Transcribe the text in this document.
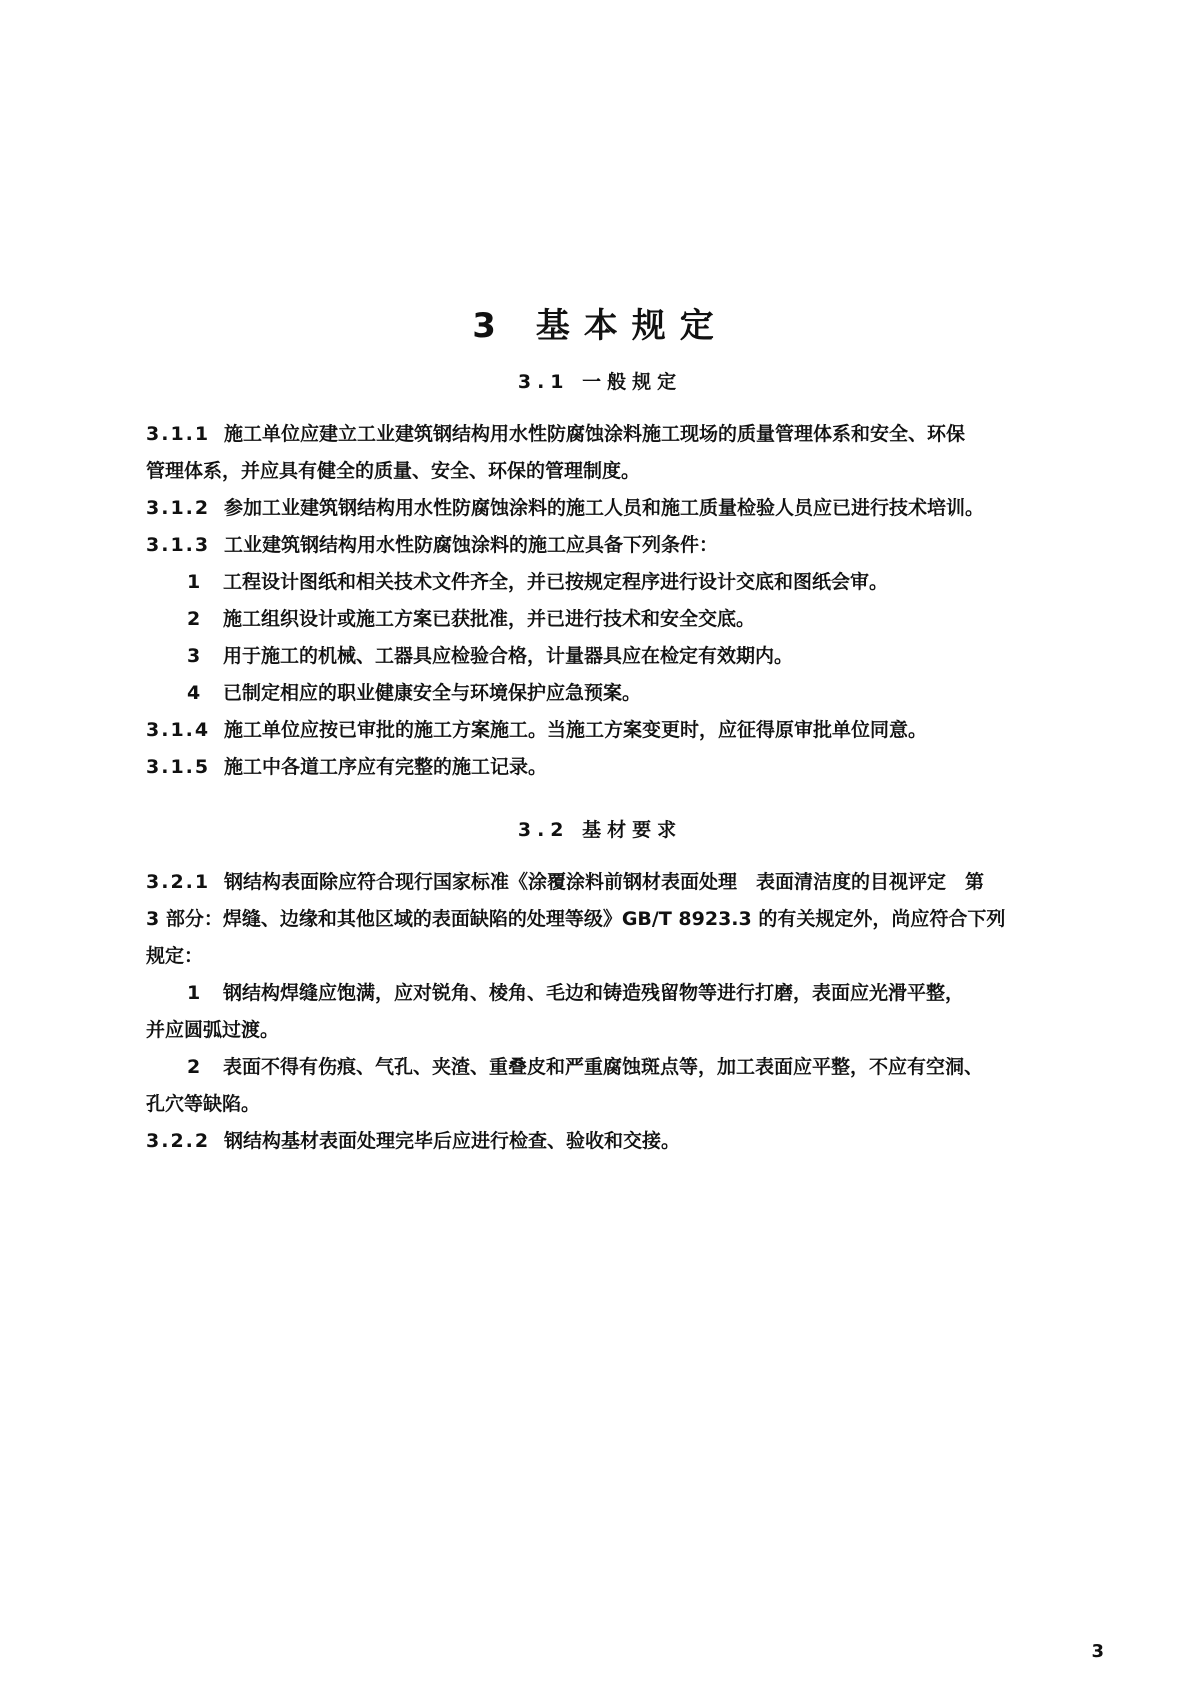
3 基本规定
3.1 一般规定
3.1.1 施工单位应建立工业建筑钢结构用水性防腐蚀涂料施工现场的质量管理体系和安全、环保
管理体系，并应具有健全的质量、安全、环保的管理制度。
3.1.2 参加工业建筑钢结构用水性防腐蚀涂料的施工人员和施工质量检验人员应已进行技术培训。
3.1.3 工业建筑钢结构用水性防腐蚀涂料的施工应具备下列条件：
1 工程设计图纸和相关技术文件齐全，并已按规定程序进行设计交底和图纸会审。
2 施工组织设计或施工方案已获批准，并已进行技术和安全交底。
3 用于施工的机械、工器具应检验合格，计量器具应在检定有效期内。
4 已制定相应的职业健康安全与环境保护应急预案。
3.1.4 施工单位应按已审批的施工方案施工。当施工方案变更时，应征得原审批单位同意。
3.1.5 施工中各道工序应有完整的施工记录。
3.2 基材要求
3.2.1 钢结构表面除应符合现行国家标准《涂覆涂料前钢材表面处理　表面清洁度的目视评定　第
3 部分：焊缝、边缘和其他区域的表面缺陷的处理等级》GB/T 8923.3 的有关规定外，尚应符合下列
规定：
1 钢结构焊缝应饱满，应对锐角、棱角、毛边和铸造残留物等进行打磨，表面应光滑平整，
并应圆弧过渡。
2 表面不得有伤痕、气孔、夹渣、重叠皮和严重腐蚀斑点等，加工表面应平整，不应有空洞、
孔穴等缺陷。
3.2.2 钢结构基材表面处理完毕后应进行检查、验收和交接。
3
